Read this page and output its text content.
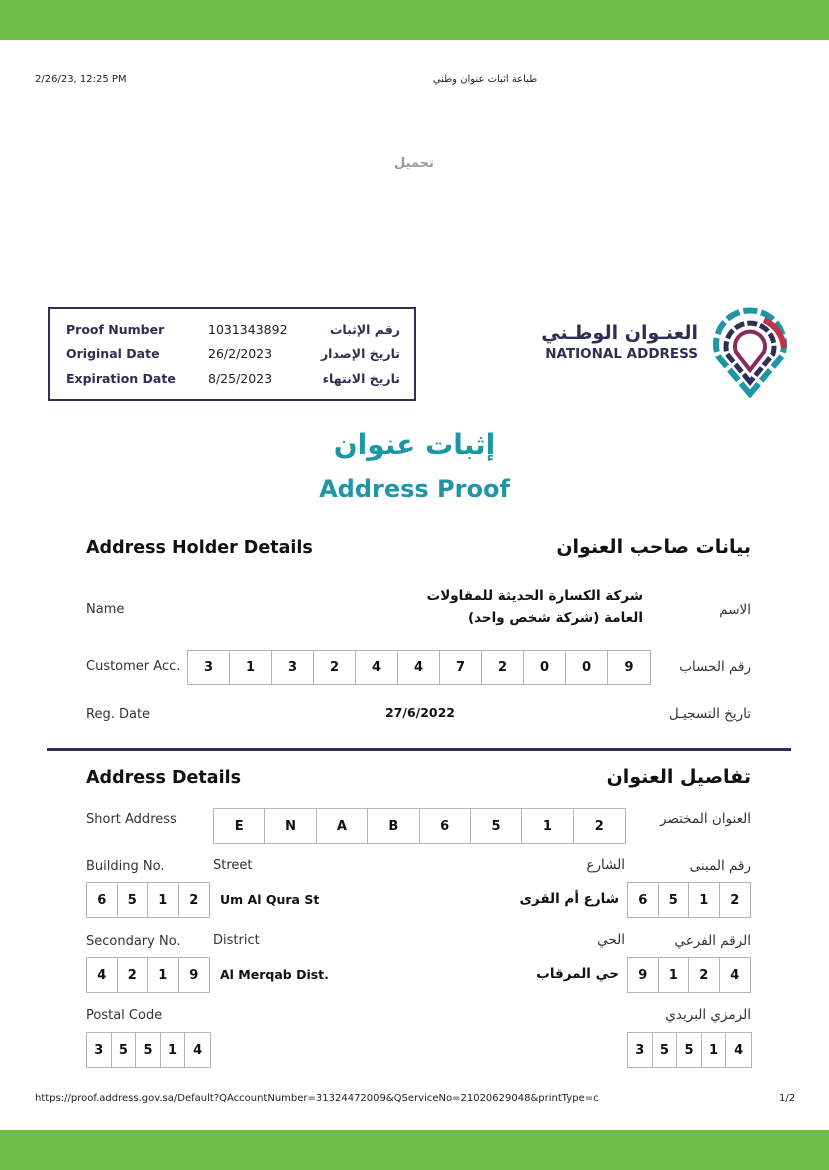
2/26/23, 12:25 PM	طباعة اثبات عنوان وطني
تحميل
Proof Number	1031343892	رقم الإثبات
Original Date	26/2/2023	تاريخ الإصدار
Expiration Date	8/25/2023	تاريخ الانتهاء
العنـوان الوطـني
NATIONAL ADDRESS
إثبات عنوان
Address Proof
Address Holder Details	بيانات صاحب العنوان
Name
شركة الكسارة الحديثة للمقاولات
العامة (شركة شخص واحد)	الاسم
Customer Acc.	3	1	3	2	4	4	7	2	0	0	9	رقم الحساب
Reg. Date	27/6/2022	تاريخ التسجيـل
Address Details	تفاصيل العنوان
Short Address	E	N	A	B	6	5	1	2	العنوان المختصر
Building No.	Street	الشارع	رقم المبنى
6	5	1	2	Um Al Qura St	شارع أم القرى	6	5	1	2
Secondary No. District	الحي	الرقم الفرعي
4	2	1	9	Al Merqab Dist.	حي المرقاب	9	1	2	4
Postal Code	الرمزي البريدي
3	5	5	1	4	3	5	5	1	4
https://proof.address.gov.sa/Default?QAccountNumber=31324472009&QServiceNo=21020629048&printType=c	1/2
